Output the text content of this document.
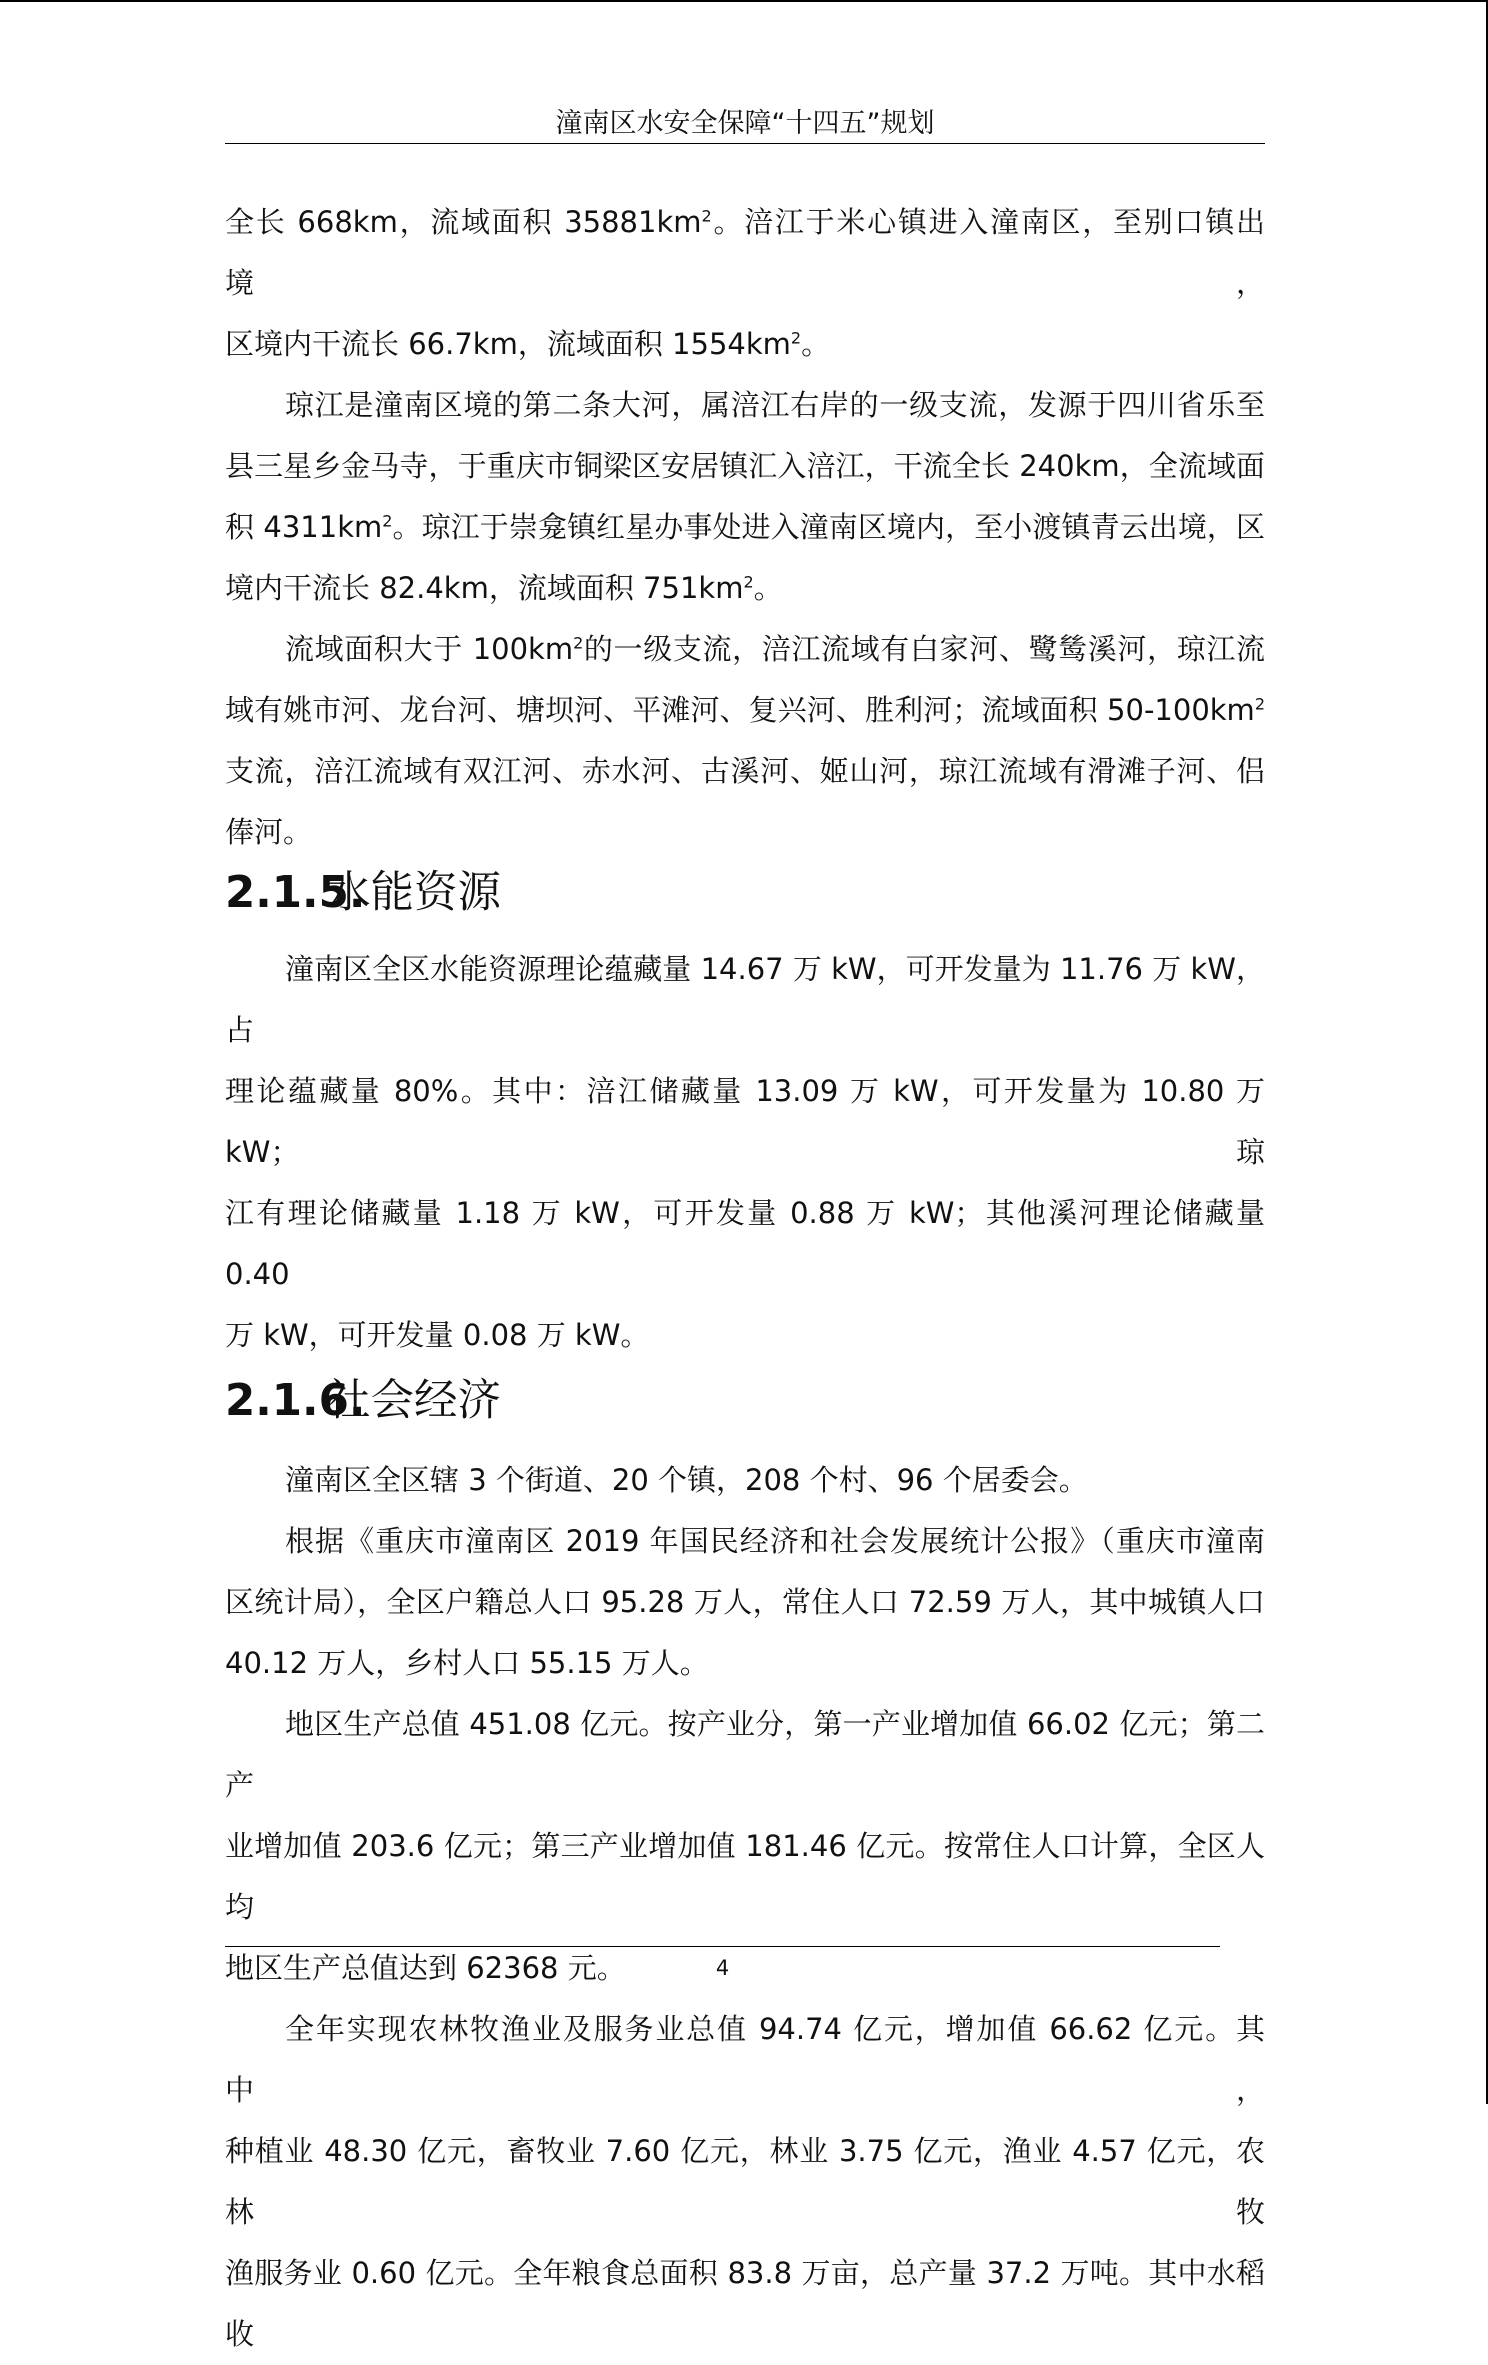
潼南区水安全保障“十四五”规划

全长 668km，流域面积 $35881km^2$。涪江于米心镇进入潼南区，至别口镇出境，

区境内干流长 66.7km，流域面积 $1554km^2$。

琼江是潼南区境的第二条大河，属涪江右岸的一级支流，发源于四川省乐至

县三星乡金马寺，于重庆市铜梁区安居镇汇入涪江，干流全长 240km，全流域面

积 $4311km^2$。琼江于崇龛镇红星办事处进入潼南区境内，至小渡镇青云出境，区

境内干流长 82.4km，流域面积 $751km^2$。

流域面积大于 $100km^2$的一级支流，涪江流域有白家河、鹭鸶溪河，琼江流

域有姚市河、龙台河、塘坝河、平滩河、复兴河、胜利河；流域面积 $50-100km^2$

支流，涪江流域有双江河、赤水河、古溪河、姬山河，琼江流域有滑滩子河、侣

俸河。

2.1.5.水能资源

潼南区全区水能资源理论蕴藏量 14.67 万 kW，可开发量为 11.76 万 kW，占

理论蕴藏量 80%。其中：涪江储藏量 13.09 万 kW，可开发量为 10.80 万 kW；琼

江有理论储藏量 1.18 万 kW，可开发量 0.88 万 kW；其他溪河理论储藏量 0.40

万 kW，可开发量 0.08 万 kW。

2.1.6.社会经济

潼南区全区辖 3 个街道、20 个镇，208 个村、96 个居委会。

根据《重庆市潼南区 2019 年国民经济和社会发展统计公报》（重庆市潼南

区统计局），全区户籍总人口 95.28 万人，常住人口 72.59 万人，其中城镇人口

40.12 万人，乡村人口 55.15 万人。

地区生产总值 451.08 亿元。按产业分，第一产业增加值 66.02 亿元；第二产

业增加值 203.6 亿元；第三产业增加值 181.46 亿元。按常住人口计算，全区人均

地区生产总值达到 62368 元。

全年实现农林牧渔业及服务业总值 94.74 亿元，增加值 66.62 亿元。其中，

种植业 48.30 亿元，畜牧业 7.60 亿元，林业 3.75 亿元，渔业 4.57 亿元，农林牧

渔服务业 0.60 亿元。全年粮食总面积 83.8 万亩，总产量 37.2 万吨。其中水稻收

4
